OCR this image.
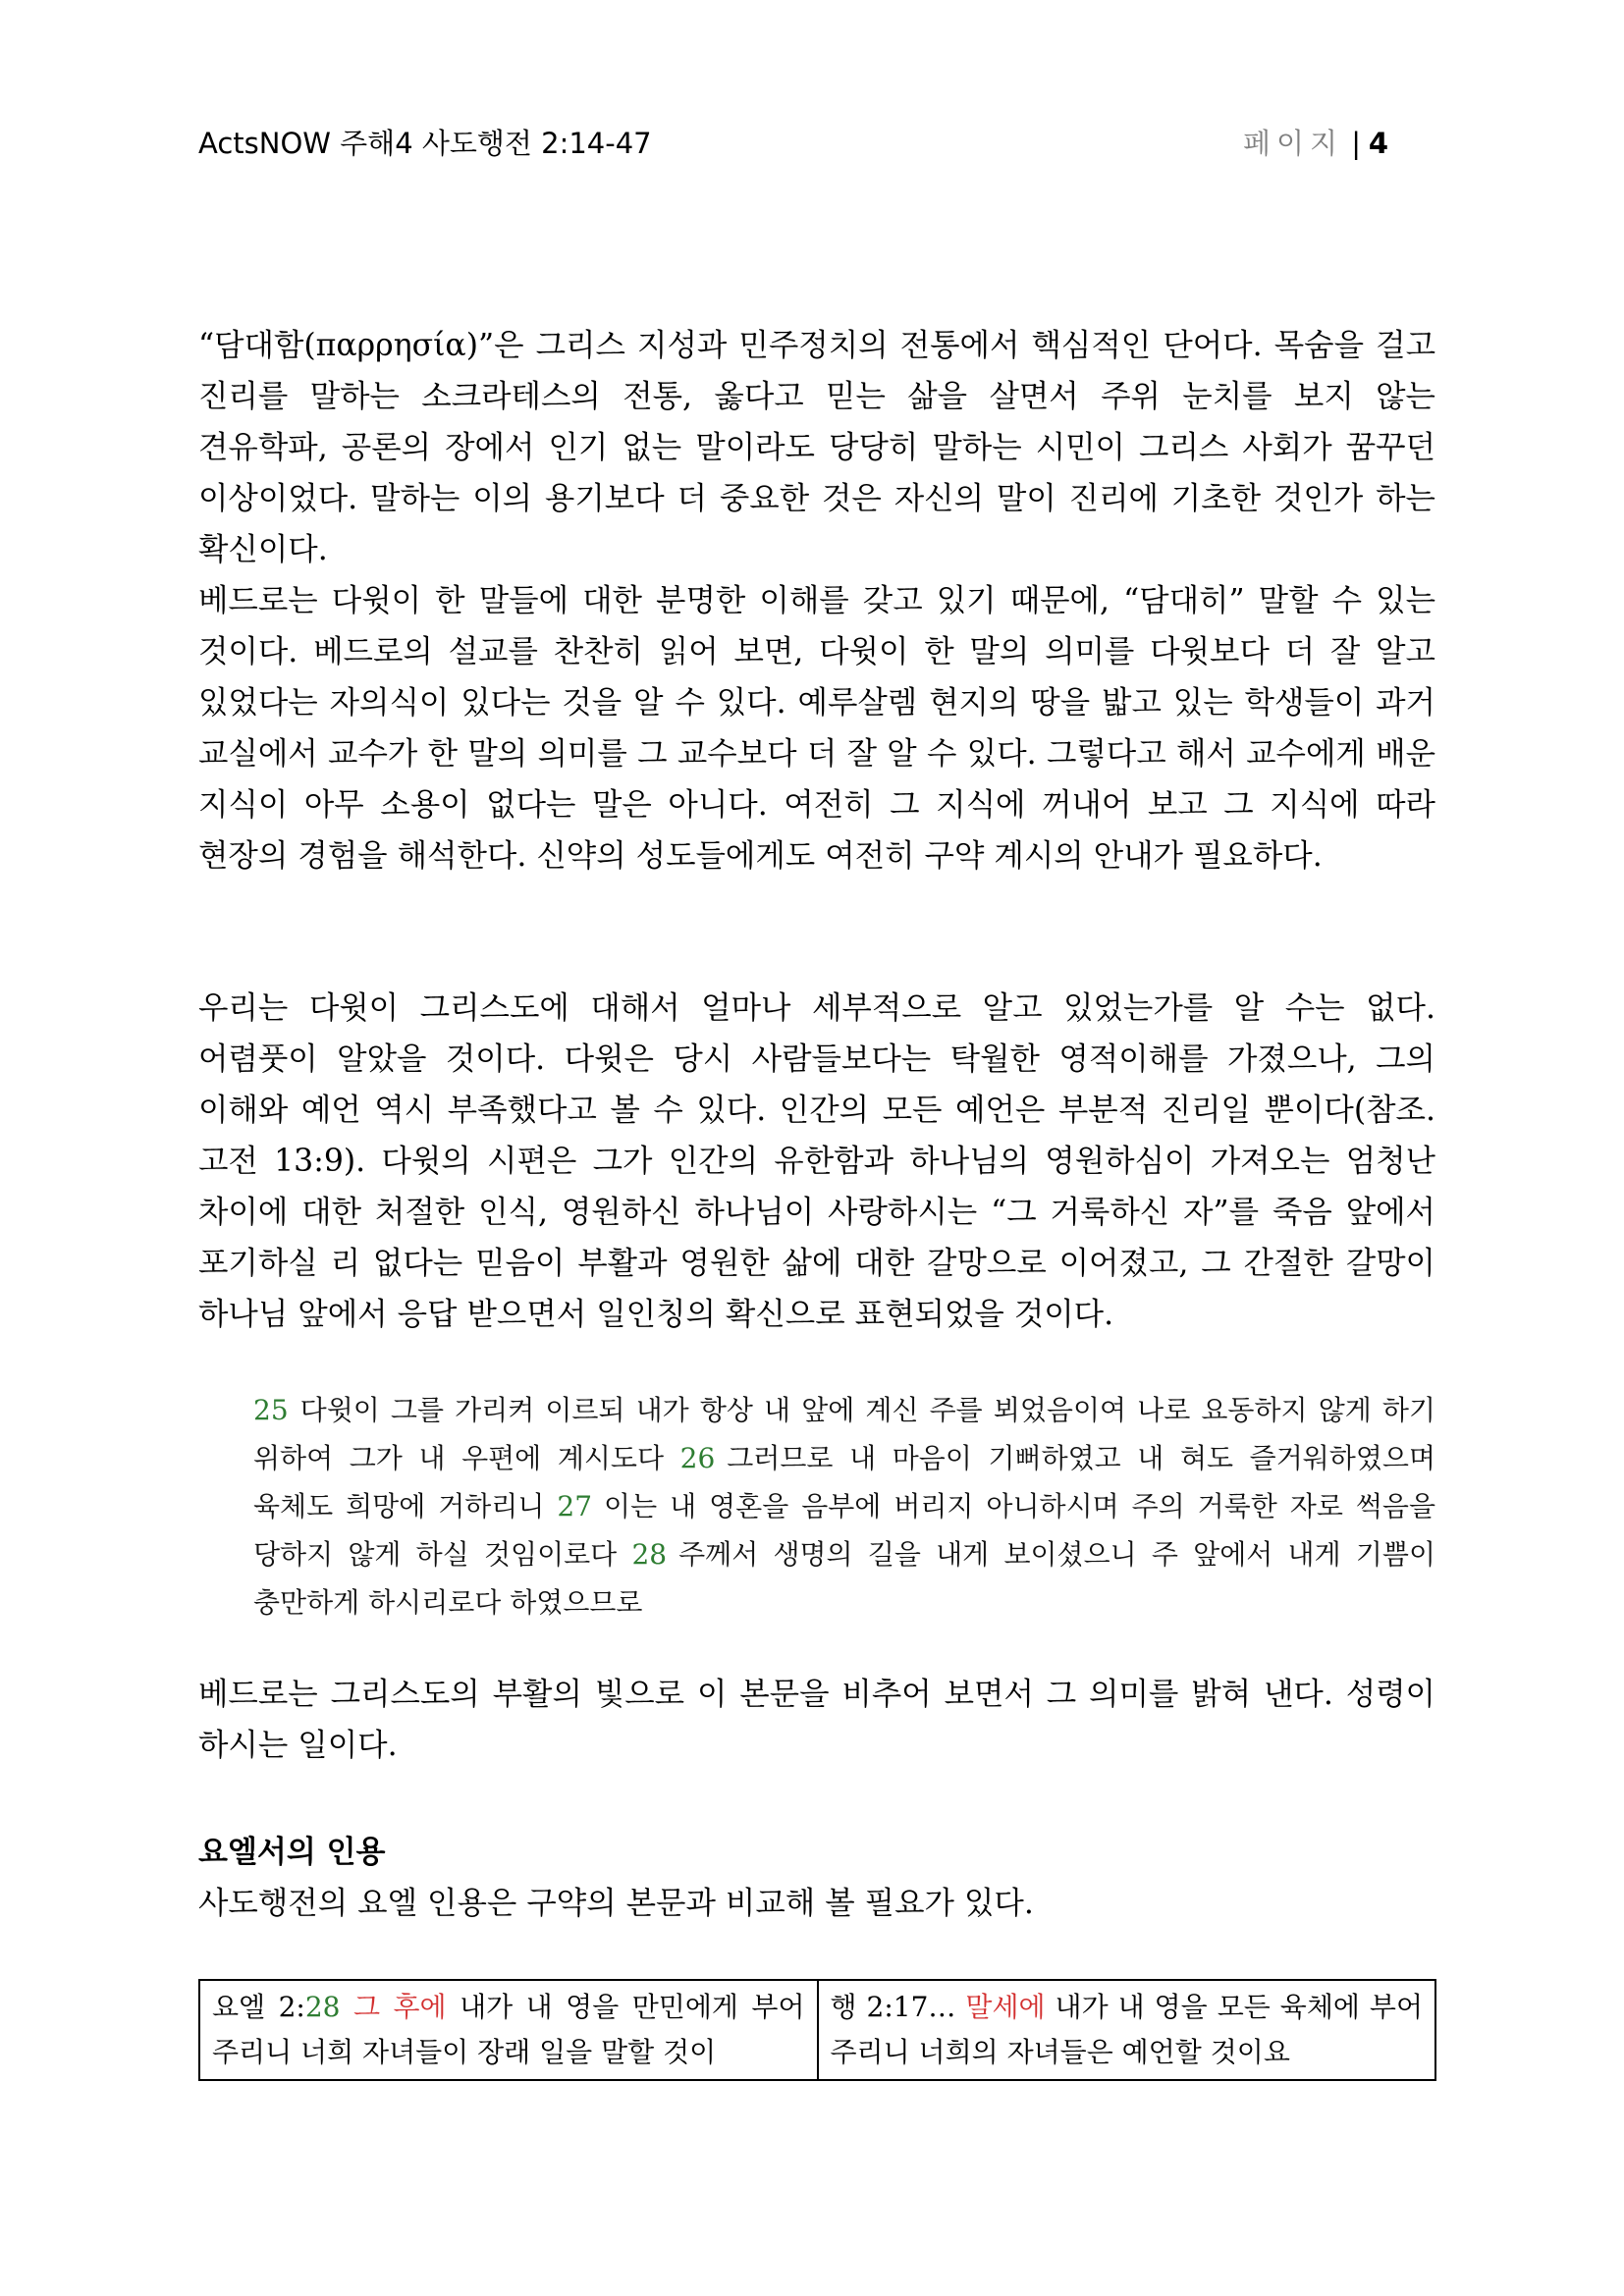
ActsNOW 주해4 사도행전 2:14-47	페이지 | 4

“담대함(παρρησία)”은 그리스 지성과 민주정치의 전통에서 핵심적인 단어다. 목숨을 걸고 진리를 말하는 소크라테스의 전통, 옳다고 믿는 삶을 살면서 주위 눈치를 보지 않는 견유학파, 공론의 장에서 인기 없는 말이라도 당당히 말하는 시민이 그리스 사회가 꿈꾸던 이상이었다. 말하는 이의 용기보다 더 중요한 것은 자신의 말이 진리에 기초한 것인가 하는 확신이다.

베드로는 다윗이 한 말들에 대한 분명한 이해를 갖고 있기 때문에, “담대히” 말할 수 있는 것이다. 베드로의 설교를 찬찬히 읽어 보면, 다윗이 한 말의 의미를 다윗보다 더 잘 알고 있었다는 자의식이 있다는 것을 알 수 있다. 예루살렘 현지의 땅을 밟고 있는 학생들이 과거 교실에서 교수가 한 말의 의미를 그 교수보다 더 잘 알 수 있다. 그렇다고 해서 교수에게 배운 지식이 아무 소용이 없다는 말은 아니다. 여전히 그 지식에 꺼내어 보고 그 지식에 따라 현장의 경험을 해석한다. 신약의 성도들에게도 여전히 구약 계시의 안내가 필요하다.

우리는 다윗이 그리스도에 대해서 얼마나 세부적으로 알고 있었는가를 알 수는 없다. 어렴풋이 알았을 것이다. 다윗은 당시 사람들보다는 탁월한 영적이해를 가졌으나, 그의 이해와 예언 역시 부족했다고 볼 수 있다. 인간의 모든 예언은 부분적 진리일 뿐이다(참조. 고전 13:9). 다윗의 시편은 그가 인간의 유한함과 하나님의 영원하심이 가져오는 엄청난 차이에 대한 처절한 인식, 영원하신 하나님이 사랑하시는 “그 거룩하신 자”를 죽음 앞에서 포기하실 리 없다는 믿음이 부활과 영원한 삶에 대한 갈망으로 이어졌고, 그 간절한 갈망이 하나님 앞에서 응답 받으면서 일인칭의 확신으로 표현되었을 것이다.

25 다윗이 그를 가리켜 이르되 내가 항상 내 앞에 계신 주를 뵈었음이여 나로 요동하지 않게 하기 위하여 그가 내 우편에 계시도다 26 그러므로 내 마음이 기뻐하였고 내 혀도 즐거워하였으며 육체도 희망에 거하리니 27 이는 내 영혼을 음부에 버리지 아니하시며 주의 거룩한 자로 썩음을 당하지 않게 하실 것임이로다 28 주께서 생명의 길을 내게 보이셨으니 주 앞에서 내게 기쁨이 충만하게 하시리로다 하였으므로

베드로는 그리스도의 부활의 빛으로 이 본문을 비추어 보면서 그 의미를 밝혀 낸다. 성령이 하시는 일이다.

요엘서의 인용

사도행전의 요엘 인용은 구약의 본문과 비교해 볼 필요가 있다.

요엘 2:28 그 후에 내가 내 영을 만민에게 부어 주리니 너희 자녀들이 장래 일을 말할 것이	행 2:17… 말세에 내가 내 영을 모든 육체에 부어 주리니 너희의 자녀들은 예언할 것이요
